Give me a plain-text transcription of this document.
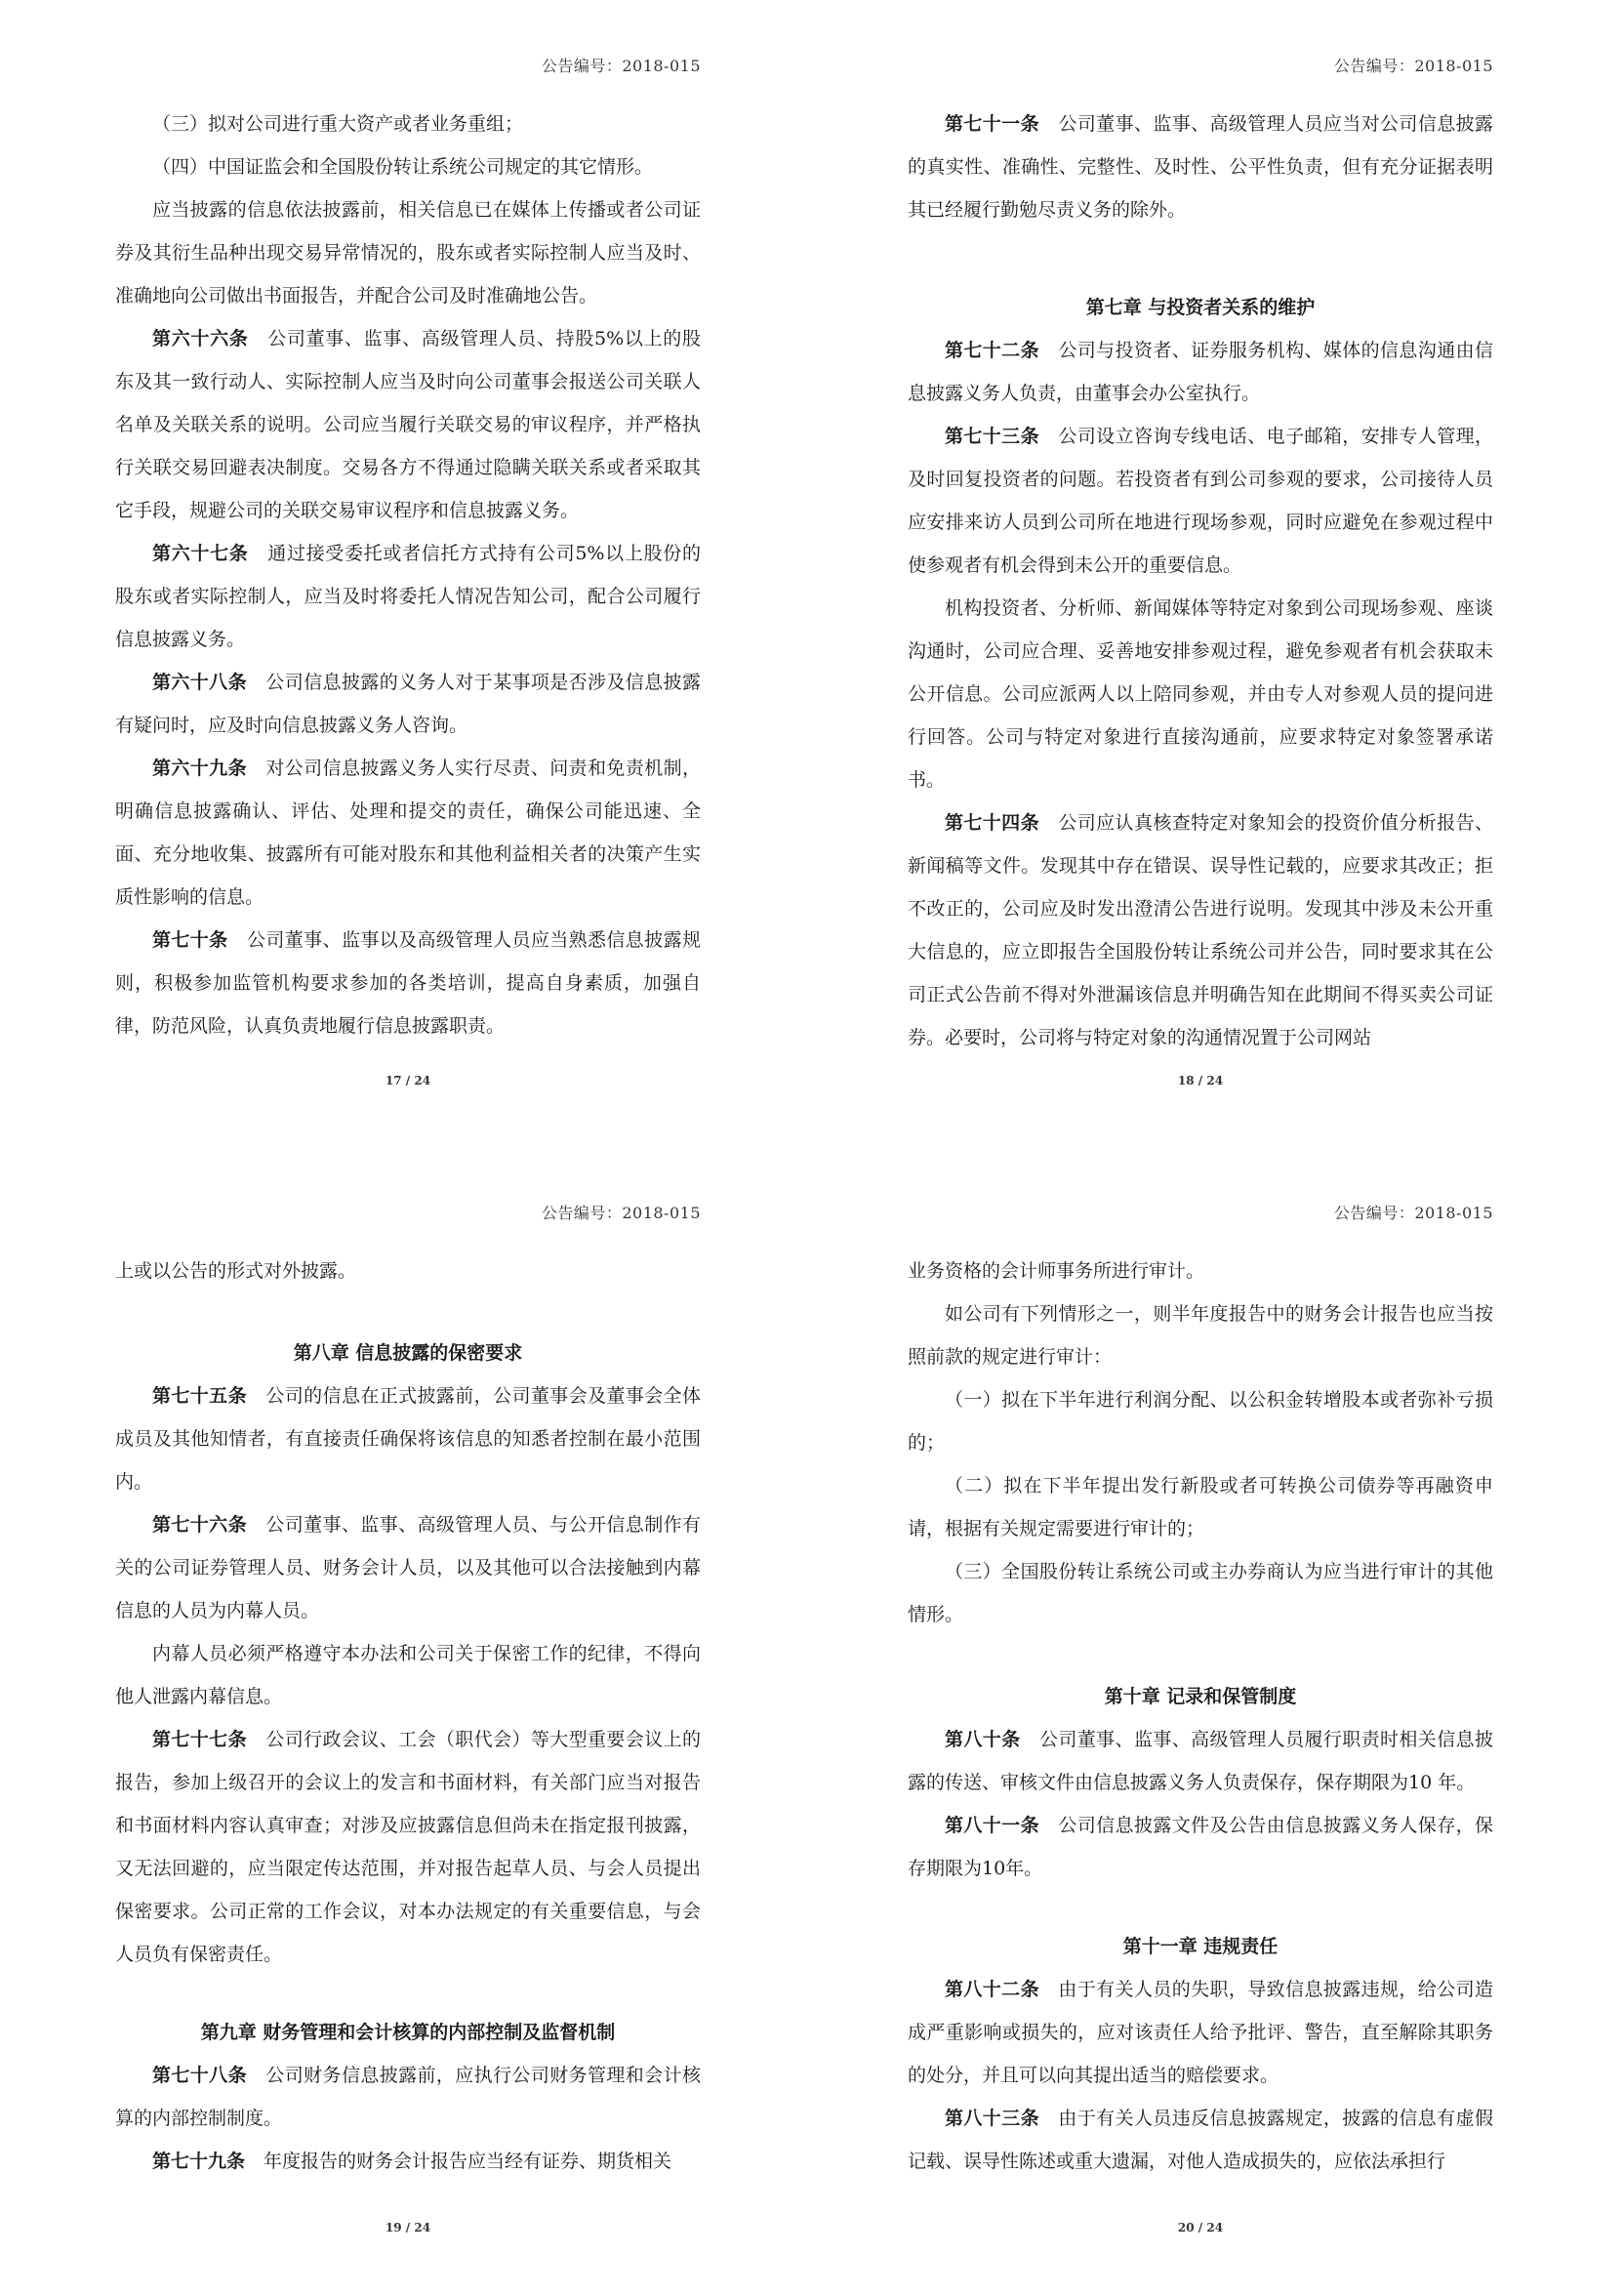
公告编号：2018-015

（三）拟对公司进行重大资产或者业务重组；

（四）中国证监会和全国股份转让系统公司规定的其它情形。

应当披露的信息依法披露前，相关信息已在媒体上传播或者公司证券及其衍生品种出现交易异常情况的，股东或者实际控制人应当及时、准确地向公司做出书面报告，并配合公司及时准确地公告。

第六十六条　 公司董事、监事、高级管理人员、持股5%以上的股东及其一致行动人、实际控制人应当及时向公司董事会报送公司关联人名单及关联关系的说明。公司应当履行关联交易的审议程序，并严格执行关联交易回避表决制度。交易各方不得通过隐瞒关联关系或者采取其它手段，规避公司的关联交易审议程序和信息披露义务。

第六十七条　 通过接受委托或者信托方式持有公司5%以上股份的股东或者实际控制人，应当及时将委托人情况告知公司，配合公司履行信息披露义务。

第六十八条　 公司信息披露的义务人对于某事项是否涉及信息披露有疑问时，应及时向信息披露义务人咨询。

第六十九条　 对公司信息披露义务人实行尽责、问责和免责机制，明确信息披露确认、评估、处理和提交的责任，确保公司能迅速、全面、充分地收集、披露所有可能对股东和其他利益相关者的决策产生实质性影响的信息。

第七十条　 公司董事、监事以及高级管理人员应当熟悉信息披露规则，积极参加监管机构要求参加的各类培训，提高自身素质，加强自律，防范风险，认真负责地履行信息披露职责。

17 / 24
公告编号：2018-015

第七十一条　 公司董事、监事、高级管理人员应当对公司信息披露的真实性、准确性、完整性、及时性、公平性负责，但有充分证据表明其已经履行勤勉尽责义务的除外。

第七章 与投资者关系的维护

第七十二条　 公司与投资者、证券服务机构、媒体的信息沟通由信息披露义务人负责，由董事会办公室执行。

第七十三条　 公司设立咨询专线电话、电子邮箱，安排专人管理，及时回复投资者的问题。若投资者有到公司参观的要求，公司接待人员应安排来访人员到公司所在地进行现场参观，同时应避免在参观过程中使参观者有机会得到未公开的重要信息。

机构投资者、分析师、新闻媒体等特定对象到公司现场参观、座谈沟通时，公司应合理、妥善地安排参观过程，避免参观者有机会获取未公开信息。公司应派两人以上陪同参观，并由专人对参观人员的提问进行回答。公司与特定对象进行直接沟通前，应要求特定对象签署承诺书。

第七十四条　 公司应认真核查特定对象知会的投资价值分析报告、新闻稿等文件。发现其中存在错误、误导性记载的，应要求其改正；拒不改正的，公司应及时发出澄清公告进行说明。发现其中涉及未公开重大信息的，应立即报告全国股份转让系统公司并公告，同时要求其在公司正式公告前不得对外泄漏该信息并明确告知在此期间不得买卖公司证券。必要时，公司将与特定对象的沟通情况置于公司网站

18 / 24
公告编号：2018-015

上或以公告的形式对外披露。

第八章 信息披露的保密要求

第七十五条　 公司的信息在正式披露前，公司董事会及董事会全体成员及其他知情者，有直接责任确保将该信息的知悉者控制在最小范围内。

第七十六条　 公司董事、监事、高级管理人员、与公开信息制作有关的公司证券管理人员、财务会计人员，以及其他可以合法接触到内幕信息的人员为内幕人员。

内幕人员必须严格遵守本办法和公司关于保密工作的纪律，不得向他人泄露内幕信息。

第七十七条　 公司行政会议、工会（职代会）等大型重要会议上的报告，参加上级召开的会议上的发言和书面材料，有关部门应当对报告和书面材料内容认真审查；对涉及应披露信息但尚未在指定报刊披露，又无法回避的，应当限定传达范围，并对报告起草人员、与会人员提出保密要求。公司正常的工作会议，对本办法规定的有关重要信息，与会人员负有保密责任。

第九章 财务管理和会计核算的内部控制及监督机制

第七十八条　 公司财务信息披露前，应执行公司财务管理和会计核算的内部控制制度。

第七十九条　 年度报告的财务会计报告应当经有证券、期货相关

19 / 24
公告编号：2018-015

业务资格的会计师事务所进行审计。

如公司有下列情形之一，则半年度报告中的财务会计报告也应当按照前款的规定进行审计：

（一）拟在下半年进行利润分配、以公积金转增股本或者弥补亏损的；

（二）拟在下半年提出发行新股或者可转换公司债券等再融资申请，根据有关规定需要进行审计的；

（三）全国股份转让系统公司或主办券商认为应当进行审计的其他情形。

第十章 记录和保管制度

第八十条　 公司董事、监事、高级管理人员履行职责时相关信息披露的传送、审核文件由信息披露义务人负责保存，保存期限为10 年。

第八十一条　 公司信息披露文件及公告由信息披露义务人保存，保存期限为10年。

第十一章 违规责任

第八十二条　 由于有关人员的失职，导致信息披露违规，给公司造成严重影响或损失的，应对该责任人给予批评、警告，直至解除其职务的处分，并且可以向其提出适当的赔偿要求。

第八十三条　 由于有关人员违反信息披露规定，披露的信息有虚假记载、误导性陈述或重大遗漏，对他人造成损失的，应依法承担行

20 / 24
